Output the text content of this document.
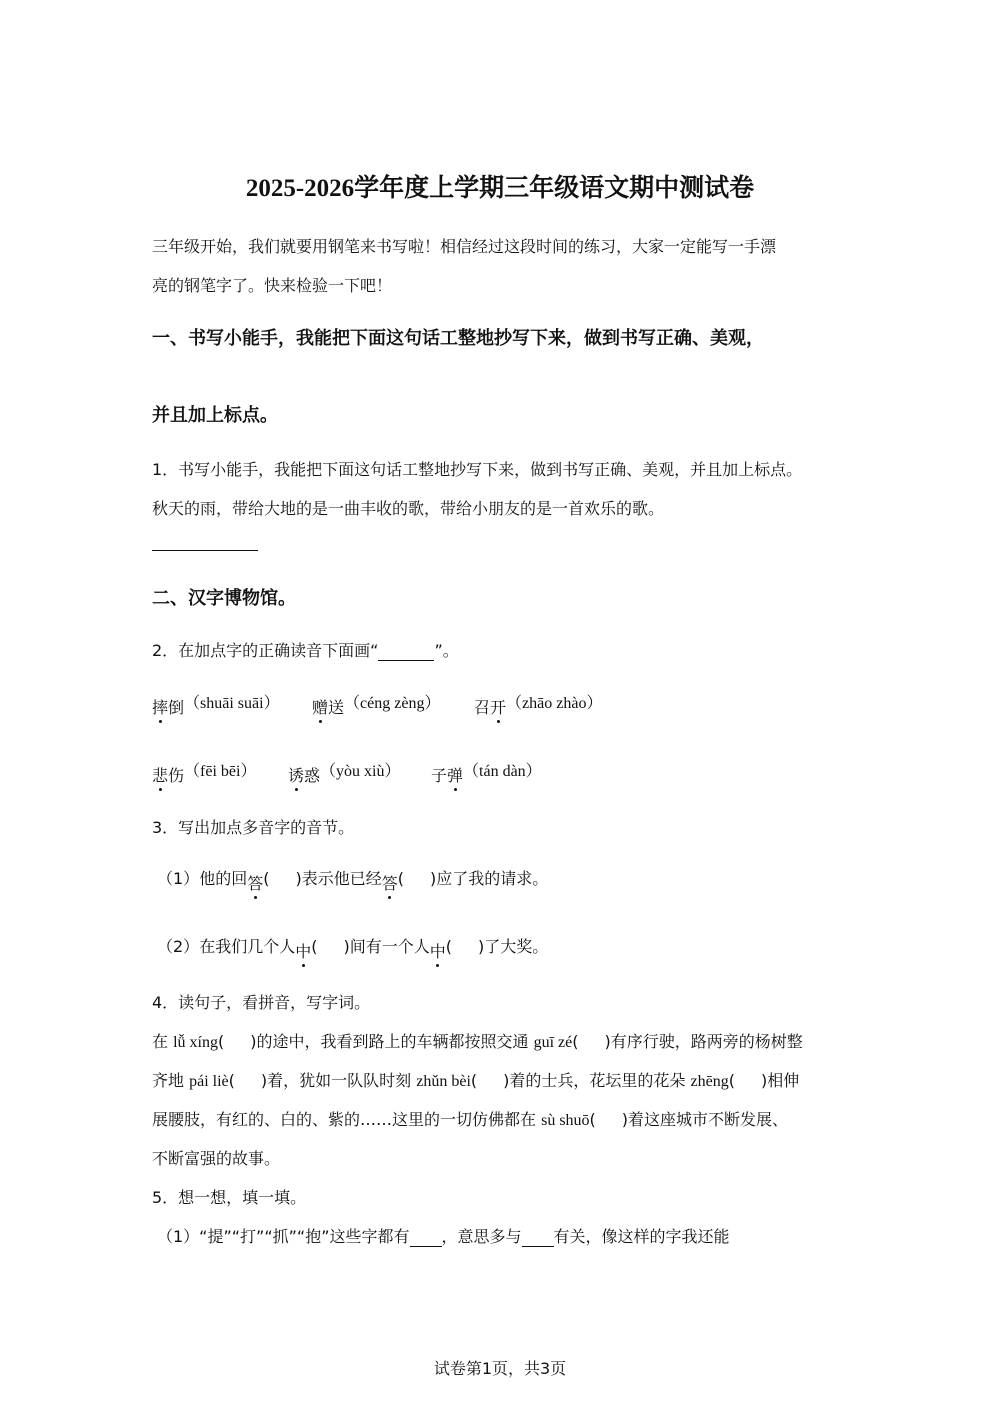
2025-2026学年度上学期三年级语文期中测试卷
三年级开始，我们就要用钢笔来书写啦！相信经过这段时间的练习，大家一定能写一手漂
亮的钢笔字了。快来检验一下吧！
一、书写小能手，我能把下面这句话工整地抄写下来，做到书写正确、美观，
并且加上标点。
1．书写小能手，我能把下面这句话工整地抄写下来，做到书写正确、美观，并且加上标点。
秋天的雨，带给大地的是一曲丰收的歌，带给小朋友的是一首欢乐的歌。
二、汉字博物馆。
2．在加点字的正确读音下面画“	”。
摔倒（shuāi suāi） 赠送（céng zèng） 召开（zhāo zhào）
悲伤（fēi bēi） 诱惑（yòu xiù） 子弹（tán dàn）
3．写出加点多音字的音节。
（1）他的回答( )表示他已经答( )应了我的请求。
（2）在我们几个人中( )间有一个人中( )了大奖。
4．读句子，看拼音，写字词。
在 lǚ xíng( )的途中，我看到路上的车辆都按照交通 guī zé( )有序行驶，路两旁的杨树整
齐地 pái liè( )着，犹如一队队时刻 zhǔn bèi( )着的士兵，花坛里的花朵 zhēng( )相伸
展腰肢，有红的、白的、紫的……这里的一切仿佛都在 sù shuō( )着这座城市不断发展、
不断富强的故事。
5．想一想，填一填。
（1）“提”“打”“抓”“抱”这些字都有 ，意思多与 有关，像这样的字我还能
试卷第1页，共3页
